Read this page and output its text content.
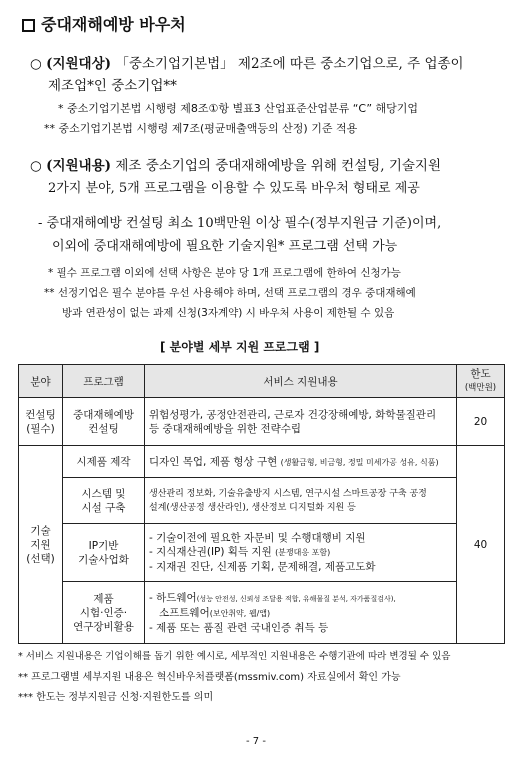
중대재해예방 바우처
○ (지원대상) 「중소기업기본법」 제2조에 따른 중소기업으로, 주 업종이
제조업*인 중소기업**
* 중소기업기본법 시행령 제8조①항 별표3 산업표준산업분류 “C” 해당기업
** 중소기업기본법 시행령 제7조(평균매출액등의 산정) 기준 적용
○ (지원내용) 제조 중소기업의 중대재해예방을 위해 컨설팅, 기술지원
2가지 분야, 5개 프로그램을 이용할 수 있도록 바우처 형태로 제공
- 중대재해예방 컨설팅 최소 10백만원 이상 필수(정부지원금 기준)이며,
이외에 중대재해예방에 필요한 기술지원* 프로그램 선택 가능
* 필수 프로그램 이외에 선택 사항은 분야 당 1개 프로그램에 한하여 신청가능
** 선정기업은 필수 분야를 우선 사용해야 하며, 선택 프로그램의 경우 중대재해예
방과 연관성이 없는 과제 신청(3자계약) 시 바우처 사용이 제한될 수 있음
[ 분야별 세부 지원 프로그램 ]
분야	프로그램	서비스 지원내용	한도
(백만원)

컨설팅
(필수)	중대재해예방
컨설팅	위험성평가, 공정안전관리, 근로자 건강장해예방, 화학물질관리
등 중대재해예방을 위한 전략수립	20

기술
지원
(선택)	시제품 제작	디자인 목업, 제품 형상 구현 (생활금형, 비금형, 정밀 미세가공 성유, 식품)	40

	시스템 및
시설 구축	생산관리 정보화, 기술유출방지 시스템, 연구시설 스마트공장 구축 공정
설계(생산공정 생산라인), 생산정보 디지털화 지원 등	

	IP기반
기술사업화	- 기술이전에 필요한 자문비 및 수행대행비 지원
- 지식재산권(IP) 획득 지원 (분쟁대응 포함)
- 지재권 진단, 신제품 기획, 문제해결, 제품고도화	

	제품
시험·인증·
연구장비활용	- 하드웨어(성능 안전성, 신뢰성 조달용 적합, 유해물질 분석, 자가품질검사),
소프트웨어(보안취약, 웹/앱)
- 제품 또는 품질 관련 국내인증 취득 등	
* 서비스 지원내용은 기업이해를 돕기 위한 예시로, 세부적인 지원내용은 수행기관에 따라 변경될 수 있음
** 프로그램별 세부지원 내용은 혁신바우처플랫폼(mssmiv.com) 자료실에서 확인 가능
*** 한도는 정부지원금 신청·지원한도를 의미
- 7 -
